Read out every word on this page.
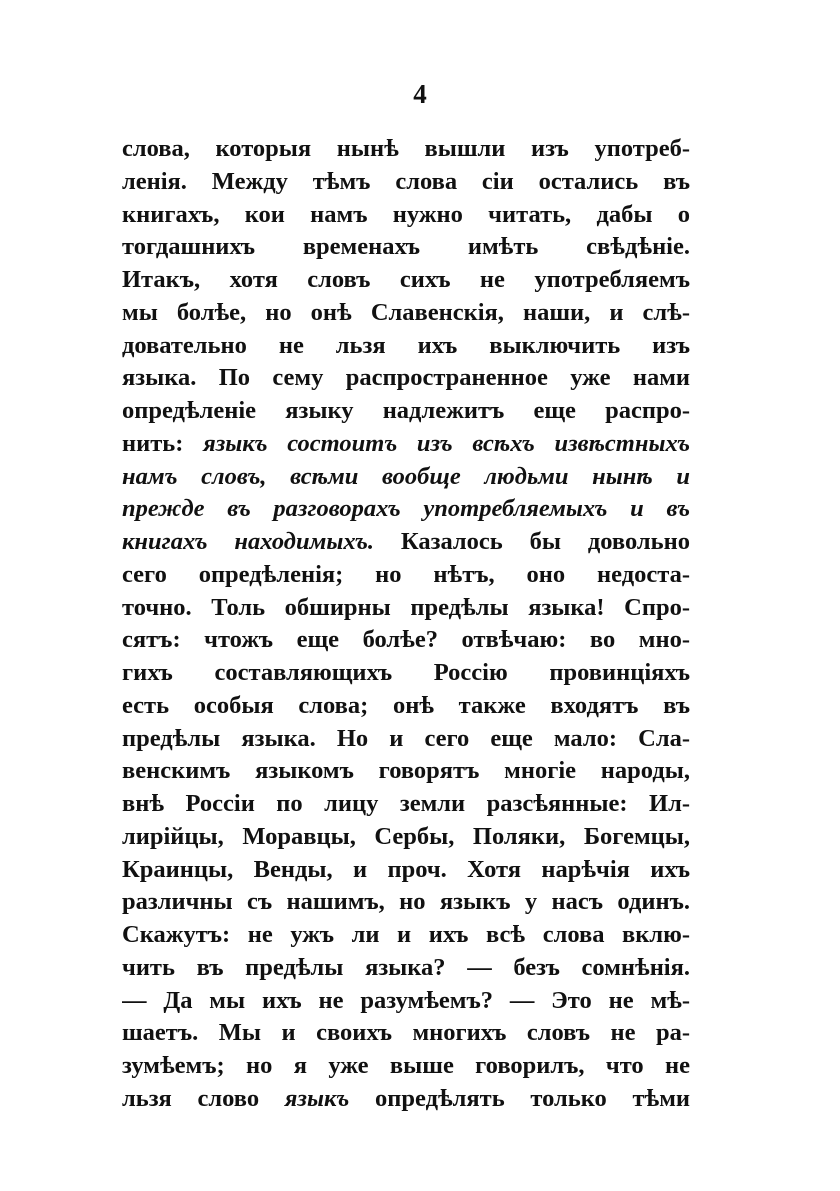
4
слова, которыя нынѣ вышли изъ употреб-
ленія. Между тѣмъ слова сіи остались въ
книгахъ, кои намъ нужно читать, дабы о
тогдашнихъ временахъ имѣть свѣдѣніе.
Итакъ, хотя словъ сихъ не употребляемъ
мы болѣе, но онѣ Славенскія, наши, и слѣ-
довательно не льзя ихъ выключить изъ
языка. По сему распространенное уже нами
опредѣленіе языку надлежитъ еще распро-
нить: языкъ состоитъ изъ всѣхъ извѣстныхъ
намъ словъ, всѣми вообще людьми нынѣ и
прежде въ разговорахъ употребляемыхъ и въ
книгахъ находимыхъ. Казалось бы довольно
сего опредѣленія; но нѣтъ, оно недоста-
точно. Толь обширны предѣлы языка! Спро-
сятъ: чтожъ еще болѣе? отвѣчаю: во мно-
гихъ составляющихъ Россію провинціяхъ
есть особыя слова; онѣ также входятъ въ
предѣлы языка. Но и сего еще мало: Сла-
венскимъ языкомъ говорятъ многіе народы,
внѣ Россіи по лицу земли разсѣянные: Ил-
лирійцы, Моравцы, Сербы, Поляки, Богемцы,
Краинцы, Венды, и проч. Хотя нарѣчія ихъ
различны съ нашимъ, но языкъ у насъ одинъ.
Скажутъ: не ужъ ли и ихъ всѣ слова вклю-
чить въ предѣлы языка? — безъ сомнѣнія.
— Да мы ихъ не разумѣемъ? — Это не мѣ-
шаетъ. Мы и своихъ многихъ словъ не ра-
зумѣемъ; но я уже выше говорилъ, что не
льзя слово языкъ опредѣлять только тѣми
